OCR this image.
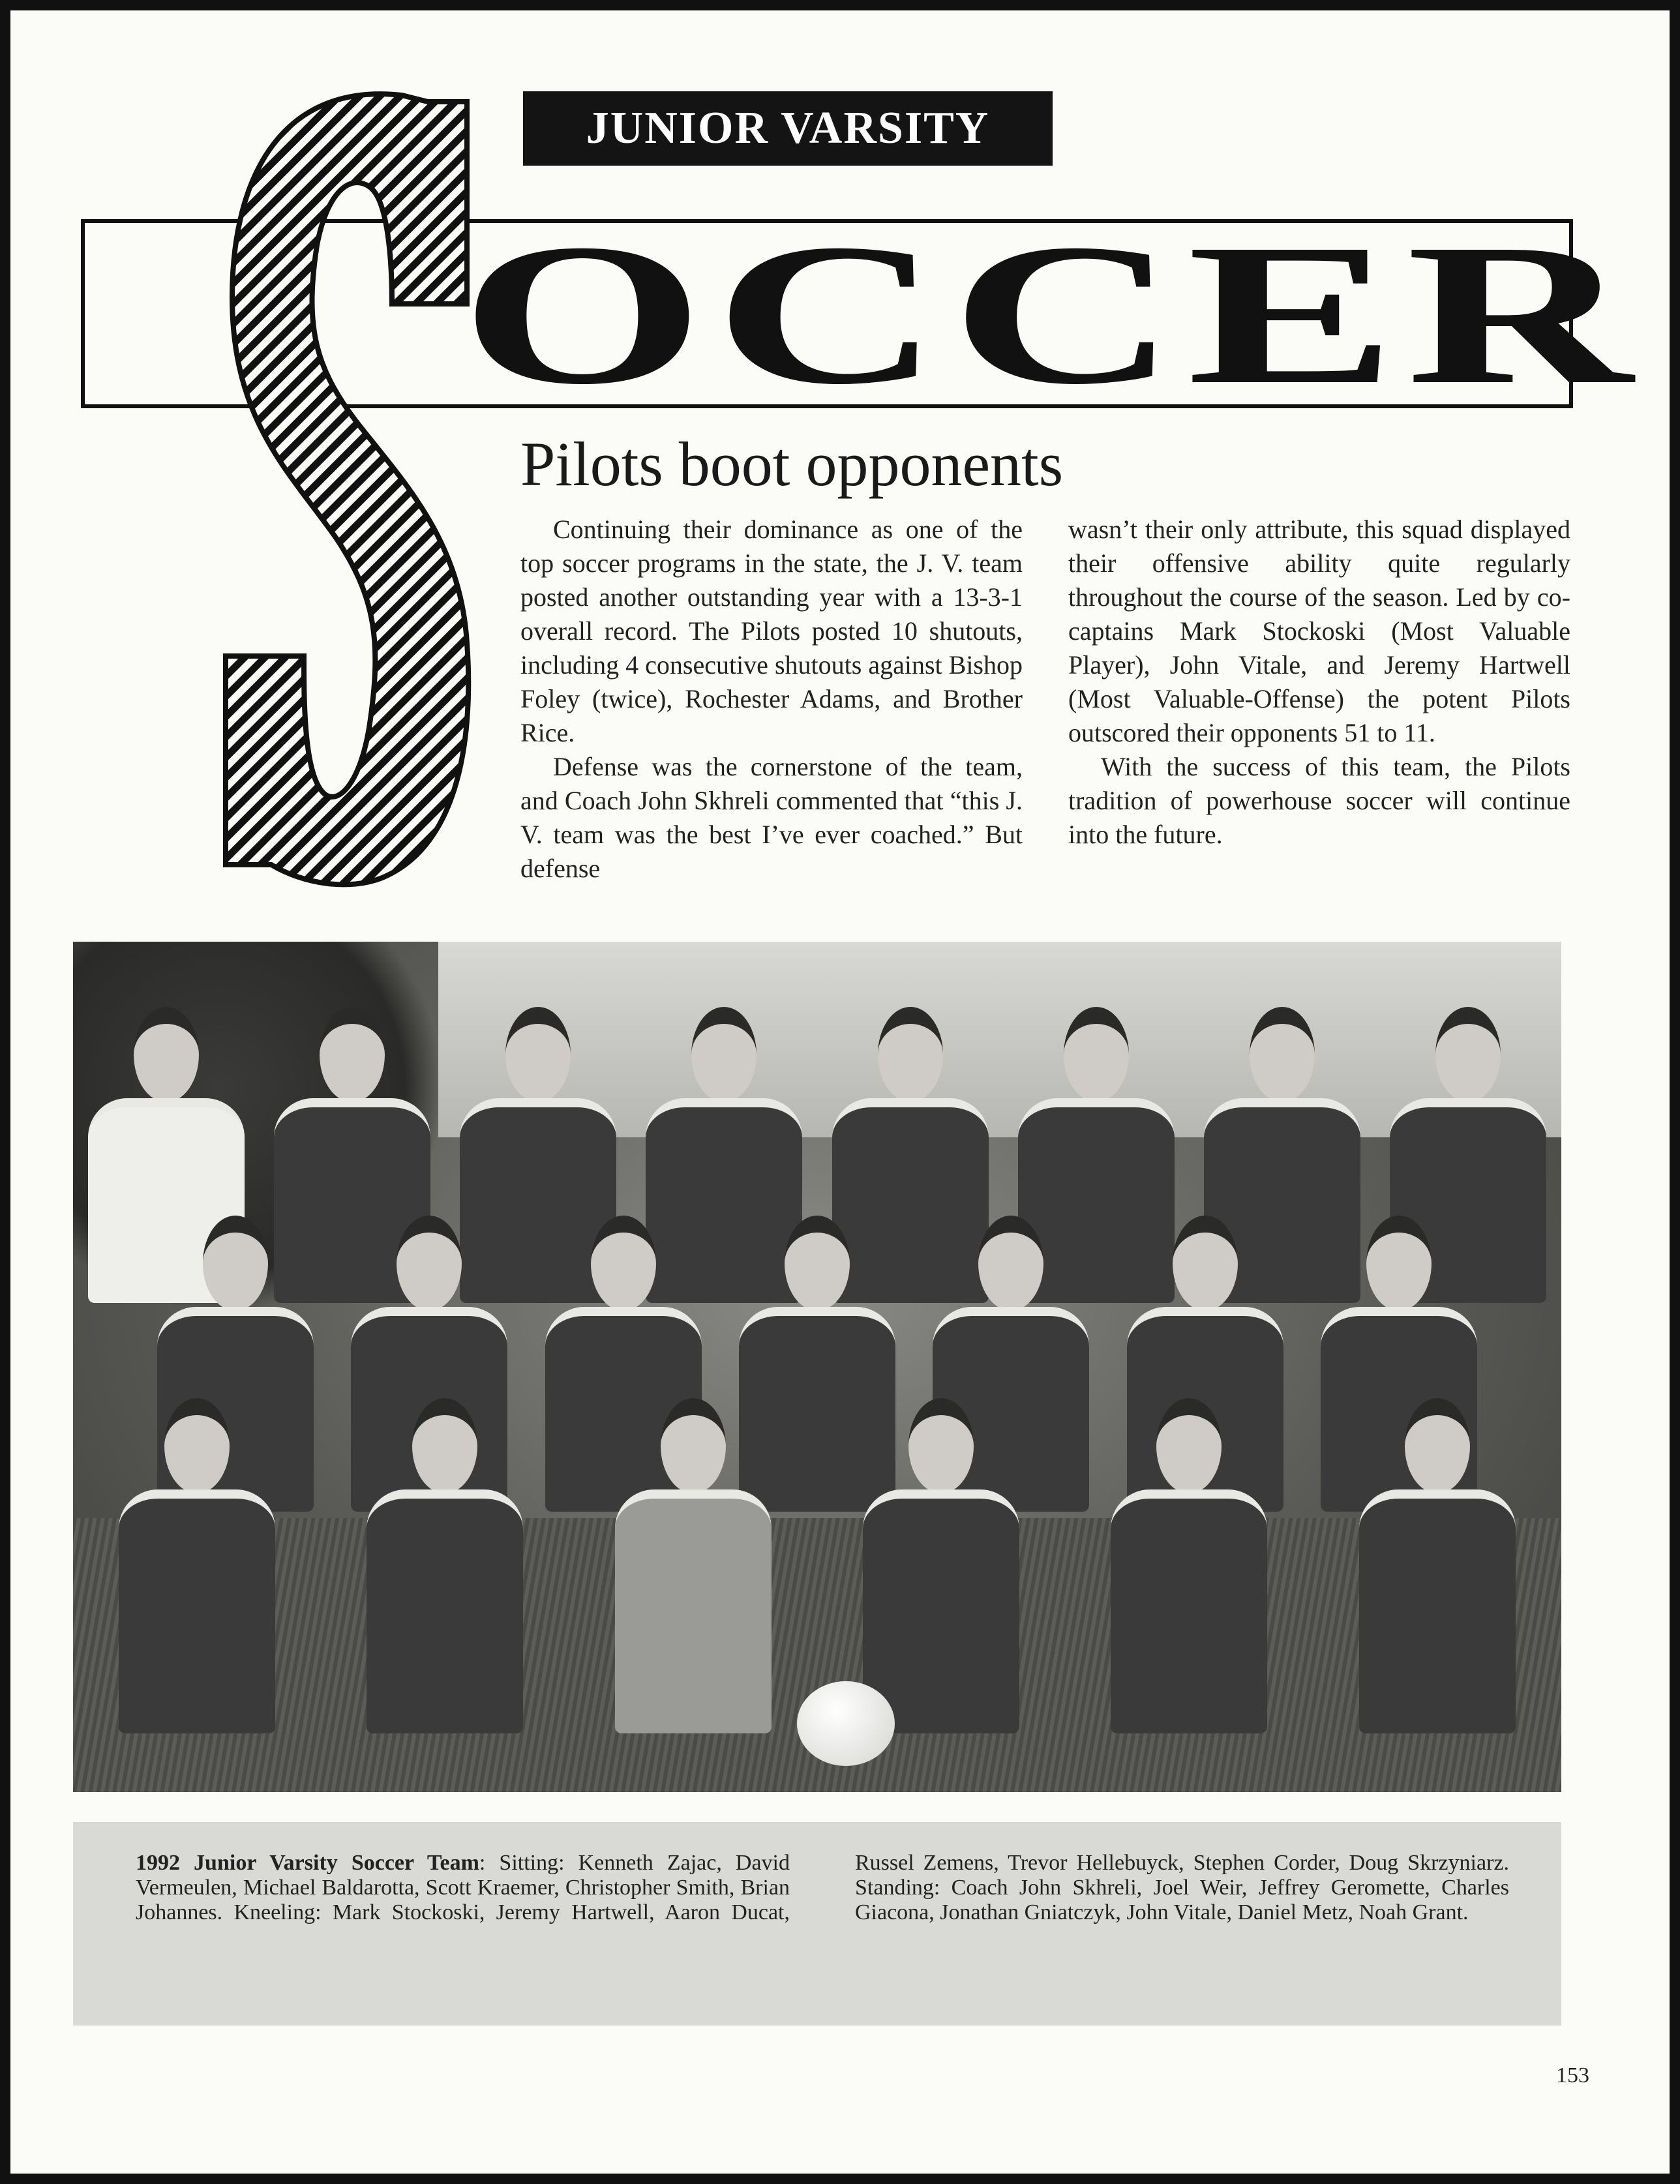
OCCER
JUNIOR VARSITY
Pilots boot opponents

Continuing their dominance as one of the top soccer programs in the state, the J. V. team posted another outstanding year with a 13-3-1 overall record. The Pilots posted 10 shutouts, including 4 consecutive shutouts against Bishop Foley (twice), Rochester Adams, and Brother Rice.

Defense was the cornerstone of the team, and Coach John Skhreli commented that “this J. V. team was the best I’ve ever coached.” But defense

wasn’t their only attribute, this squad displayed their offensive ability quite regularly throughout the course of the season. Led by co-captains Mark Stockoski (Most Valuable Player), John Vitale, and Jeremy Hartwell (Most Valuable-Offense) the potent Pilots outscored their opponents 51 to 11.

With the success of this team, the Pilots tradition of powerhouse soccer will continue into the future.

1992 Junior Varsity Soccer Team: Sitting: Kenneth Zajac, David Vermeulen, Michael Baldarotta, Scott Kraemer, Christopher Smith, Brian Johannes. Kneeling: Mark Stockoski, Jeremy Hartwell, Aaron Ducat, Russel Zemens, Trevor Hellebuyck, Stephen Corder, Doug Skrzyniarz. Standing: Coach John Skhreli, Joel Weir, Jeffrey Geromette, Charles Giacona, Jonathan Gniatczyk, John Vitale, Daniel Metz, Noah Grant.
153
